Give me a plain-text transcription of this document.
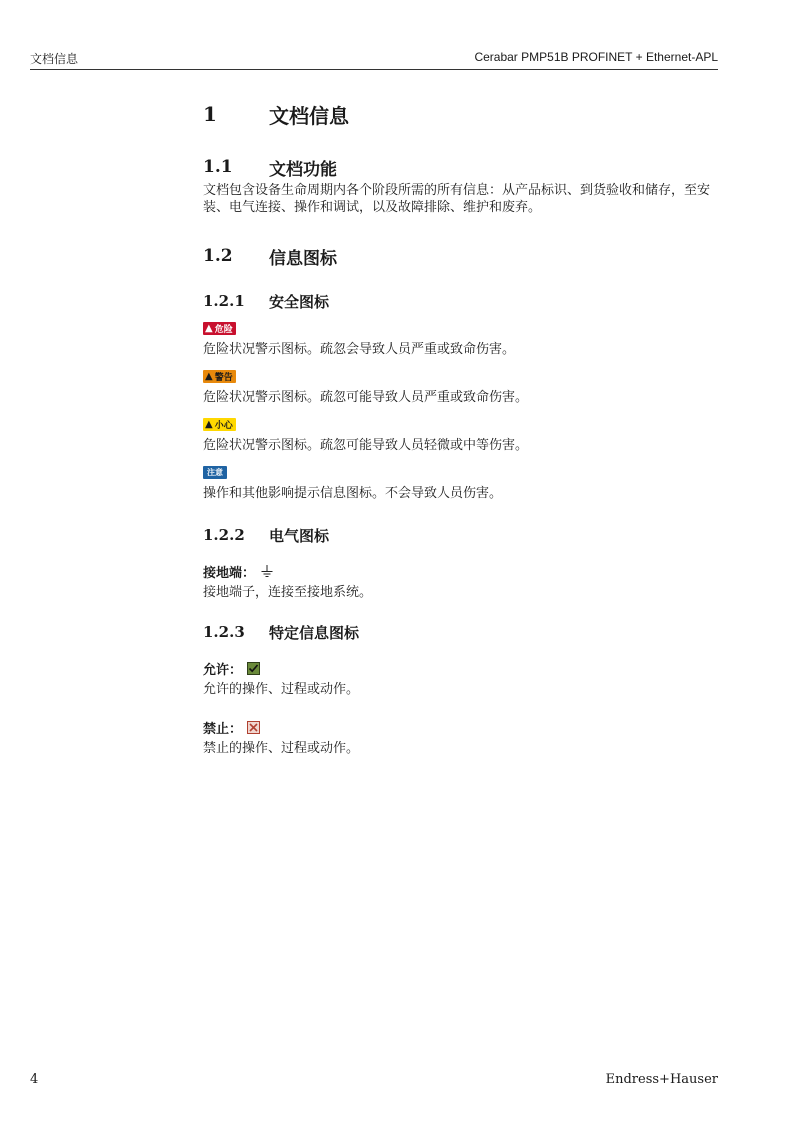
文档信息	Cerabar PMP51B PROFINET + Ethernet-APL
1	文档信息
1.1	文档功能

文档包含设备生命周期内各个阶段所需的所有信息：从产品标识、到货验收和储存，至安装、电气连接、操作和调试，以及故障排除、维护和废弃。

1.2	信息图标
1.2.1	安全图标
▲ 危险

危险状况警示图标。疏忽会导致人员严重或致命伤害。

▲ 警告

危险状况警示图标。疏忽可能导致人员严重或致命伤害。

▲ 小心

危险状况警示图标。疏忽可能导致人员轻微或中等伤害。

注意

操作和其他影响提示信息图标。不会导致人员伤害。

1.2.2	电气图标
接地端：

接地端子，连接至接地系统。

1.2.3	特定信息图标
允许：

允许的操作、过程或动作。

禁止：

禁止的操作、过程或动作。

4	Endress+Hauser
